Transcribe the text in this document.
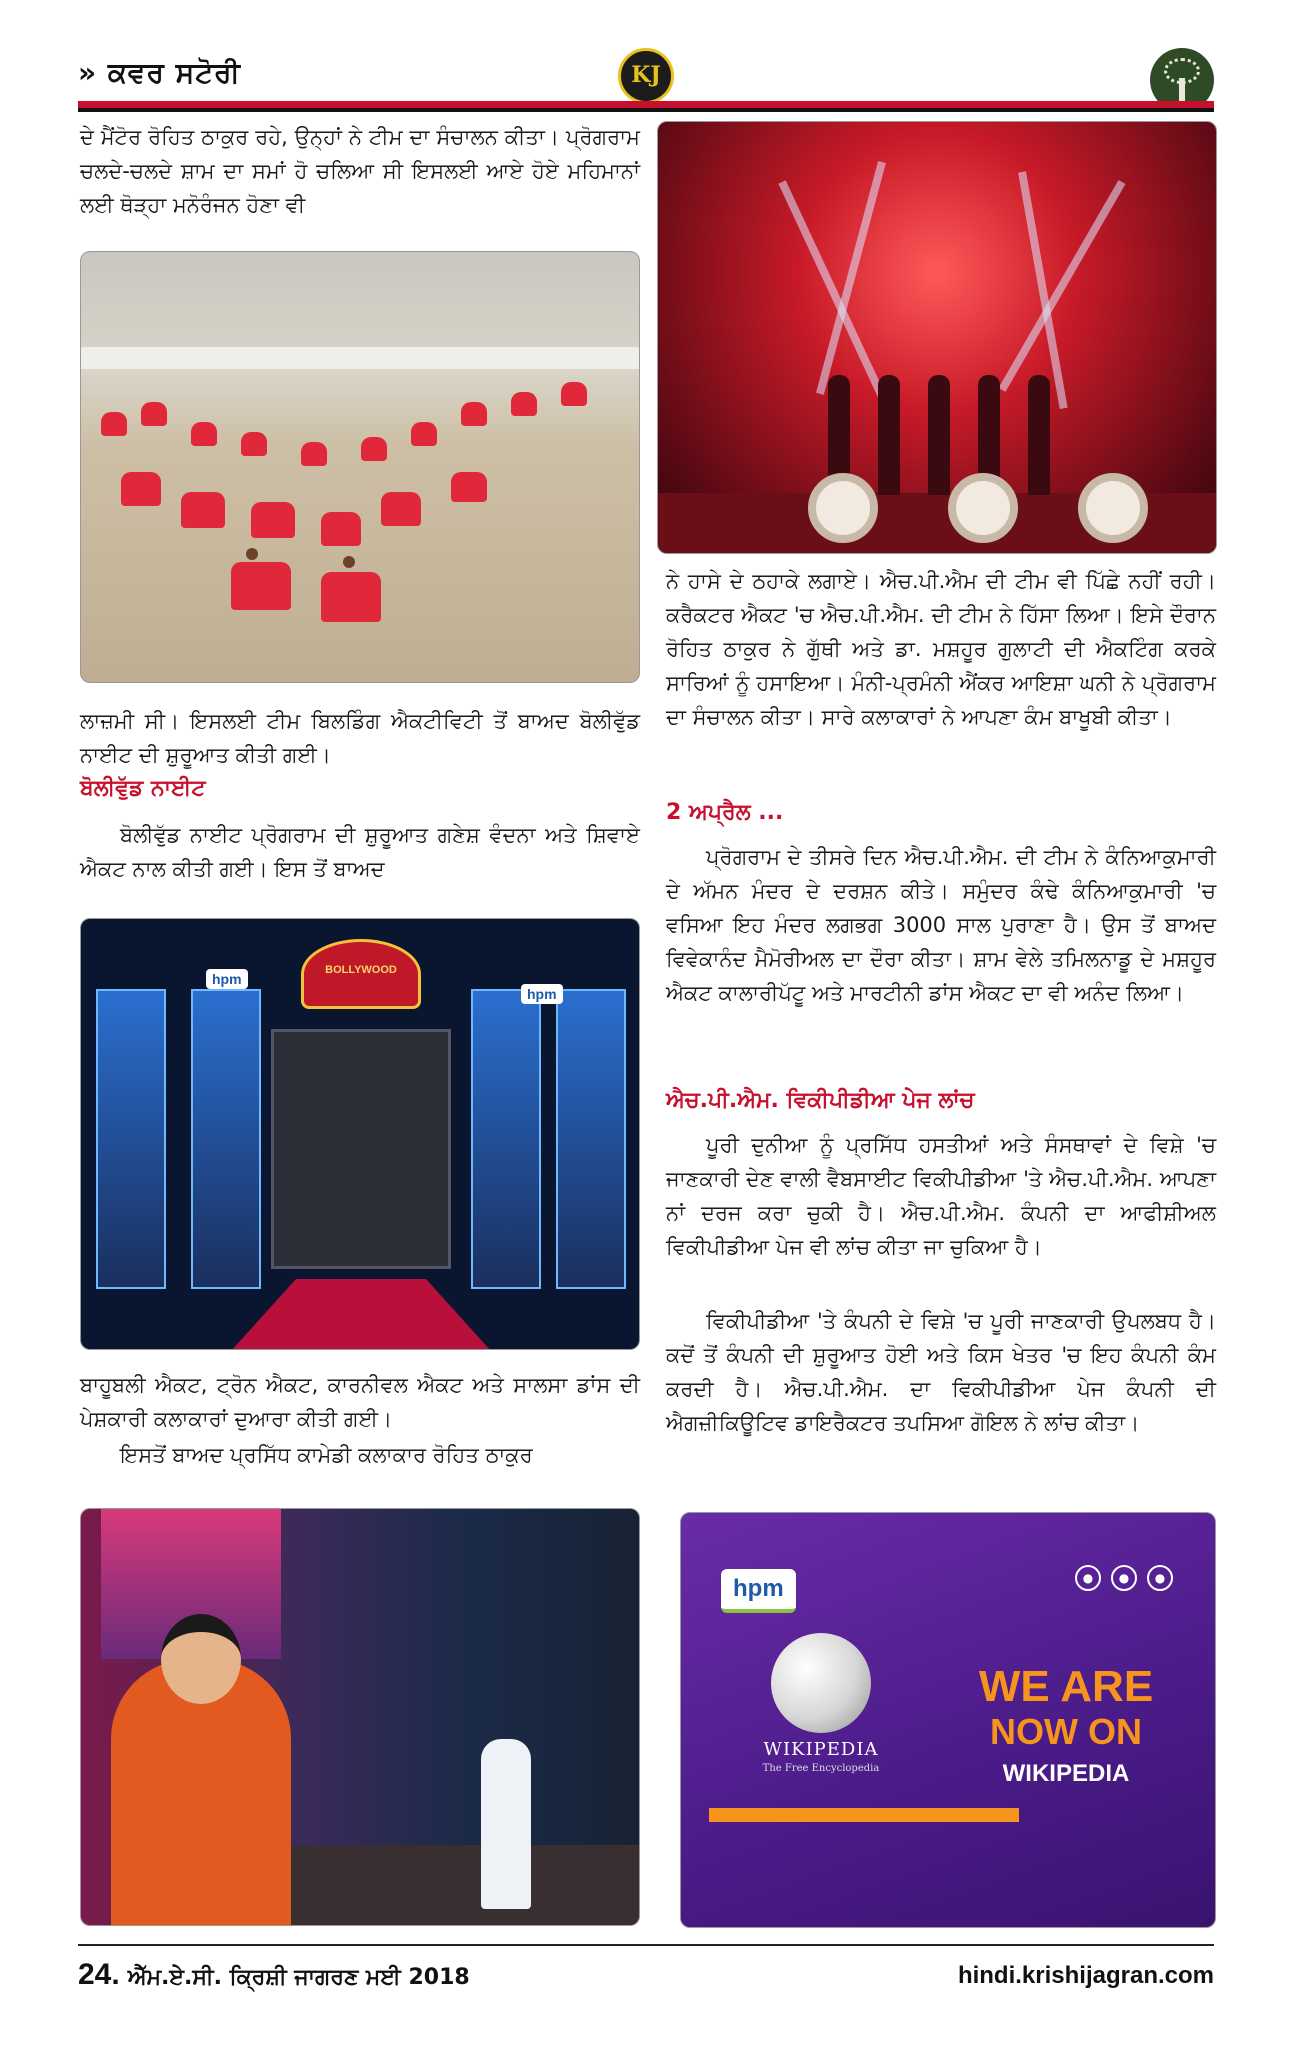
» ਕਵਰ ਸਟੋਰੀ	KJ

ਦੇ ਮੈਂਟੋਰ ਰੋਹਿਤ ਠਾਕੁਰ ਰਹੇ, ਉਨ੍ਹਾਂ ਨੇ ਟੀਮ ਦਾ ਸੰਚਾਲਨ ਕੀਤਾ। ਪ੍ਰੋਗਰਾਮ ਚਲਦੇ-ਚਲਦੇ ਸ਼ਾਮ ਦਾ ਸਮਾਂ ਹੋ ਚਲਿਆ ਸੀ ਇਸਲਈ ਆਏ ਹੋਏ ਮਹਿਮਾਨਾਂ ਲਈ ਥੋੜ੍ਹਾ ਮਨੋਰੰਜਨ ਹੋਣਾ ਵੀ

ਲਾਜ਼ਮੀ ਸੀ। ਇਸਲਈ ਟੀਮ ਬਿਲਡਿੰਗ ਐਕਟੀਵਿਟੀ ਤੋਂ ਬਾਅਦ ਬੋਲੀਵੁੱਡ ਨਾਈਟ ਦੀ ਸ਼ੁਰੂਆਤ ਕੀਤੀ ਗਈ।

ਬੋਲੀਵੁੱਡ ਨਾਈਟ

ਬੋਲੀਵੁੱਡ ਨਾਈਟ ਪ੍ਰੋਗਰਾਮ ਦੀ ਸ਼ੁਰੂਆਤ ਗਣੇਸ਼ ਵੰਦਨਾ ਅਤੇ ਸ਼ਿਵਾਏ ਐਕਟ ਨਾਲ ਕੀਤੀ ਗਈ। ਇਸ ਤੋਂ ਬਾਅਦ

BOLLYWOOD
hpm
hpm

ਬਾਹੂਬਲੀ ਐਕਟ, ਟ੍ਰੋਨ ਐਕਟ, ਕਾਰਨੀਵਲ ਐਕਟ ਅਤੇ ਸਾਲਸਾ ਡਾਂਸ ਦੀ ਪੇਸ਼ਕਾਰੀ ਕਲਾਕਾਰਾਂ ਦੁਆਰਾ ਕੀਤੀ ਗਈ।

ਇਸਤੋਂ ਬਾਅਦ ਪ੍ਰਸਿੱਧ ਕਾਮੇਡੀ ਕਲਾਕਾਰ ਰੋਹਿਤ ਠਾਕੁਰ

ਨੇ ਹਾਸੇ ਦੇ ਠਹਾਕੇ ਲਗਾਏ। ਐਚ.ਪੀ.ਐਮ ਦੀ ਟੀਮ ਵੀ ਪਿੱਛੇ ਨਹੀਂ ਰਹੀ। ਕਰੈਕਟਰ ਐਕਟ 'ਚ ਐਚ.ਪੀ.ਐਮ. ਦੀ ਟੀਮ ਨੇ ਹਿੱਸਾ ਲਿਆ। ਇਸੇ ਦੌਰਾਨ ਰੋਹਿਤ ਠਾਕੁਰ ਨੇ ਗੁੱਥੀ ਅਤੇ ਡਾ. ਮਸ਼ਹੂਰ ਗੁਲਾਟੀ ਦੀ ਐਕਟਿੰਗ ਕਰਕੇ ਸਾਰਿਆਂ ਨੂੰ ਹਸਾਇਆ। ਮੰਨੀ-ਪ੍ਰਮੰਨੀ ਐਂਕਰ ਆਇਸ਼ਾ ਘਨੀ ਨੇ ਪ੍ਰੋਗਰਾਮ ਦਾ ਸੰਚਾਲਨ ਕੀਤਾ। ਸਾਰੇ ਕਲਾਕਾਰਾਂ ਨੇ ਆਪਣਾ ਕੰਮ ਬਾਖੂਬੀ ਕੀਤਾ।

2 ਅਪ੍ਰੈਲ ...

ਪ੍ਰੋਗਰਾਮ ਦੇ ਤੀਸਰੇ ਦਿਨ ਐਚ.ਪੀ.ਐਮ. ਦੀ ਟੀਮ ਨੇ ਕੰਨਿਆਕੁਮਾਰੀ ਦੇ ਅੱਮਨ ਮੰਦਰ ਦੇ ਦਰਸ਼ਨ ਕੀਤੇ। ਸਮੁੰਦਰ ਕੰਢੇ ਕੰਨਿਆਕੁਮਾਰੀ 'ਚ ਵਸਿਆ ਇਹ ਮੰਦਰ ਲਗਭਗ 3000 ਸਾਲ ਪੁਰਾਣਾ ਹੈ। ਉਸ ਤੋਂ ਬਾਅਦ ਵਿਵੇਕਾਨੰਦ ਮੈਮੋਰੀਅਲ ਦਾ ਦੌਰਾ ਕੀਤਾ। ਸ਼ਾਮ ਵੇਲੇ ਤਮਿਲਨਾਡੂ ਦੇ ਮਸ਼ਹੂਰ ਐਕਟ ਕਾਲਾਰੀਪੱਟੂ ਅਤੇ ਮਾਰਟੀਨੀ ਡਾਂਸ ਐਕਟ ਦਾ ਵੀ ਅਨੰਦ ਲਿਆ।

ਐਚ.ਪੀ.ਐਮ. ਵਿਕੀਪੀਡੀਆ ਪੇਜ ਲਾਂਚ

ਪੂਰੀ ਦੁਨੀਆ ਨੂੰ ਪ੍ਰਸਿੱਧ ਹਸਤੀਆਂ ਅਤੇ ਸੰਸਥਾਵਾਂ ਦੇ ਵਿਸ਼ੇ 'ਚ ਜਾਣਕਾਰੀ ਦੇਣ ਵਾਲੀ ਵੈਬਸਾਈਟ ਵਿਕੀਪੀਡੀਆ 'ਤੇ ਐਚ.ਪੀ.ਐਮ. ਆਪਣਾ ਨਾਂ ਦਰਜ ਕਰਾ ਚੁਕੀ ਹੈ। ਐਚ.ਪੀ.ਐਮ. ਕੰਪਨੀ ਦਾ ਆਫੀਸ਼ੀਅਲ ਵਿਕੀਪੀਡੀਆ ਪੇਜ ਵੀ ਲਾਂਚ ਕੀਤਾ ਜਾ ਚੁਕਿਆ ਹੈ।

ਵਿਕੀਪੀਡੀਆ 'ਤੇ ਕੰਪਨੀ ਦੇ ਵਿਸ਼ੇ 'ਚ ਪੂਰੀ ਜਾਣਕਾਰੀ ਉਪਲਬਧ ਹੈ। ਕਦੋਂ ਤੋਂ ਕੰਪਨੀ ਦੀ ਸ਼ੁਰੂਆਤ ਹੋਈ ਅਤੇ ਕਿਸ ਖੇਤਰ 'ਚ ਇਹ ਕੰਪਨੀ ਕੰਮ ਕਰਦੀ ਹੈ। ਐਚ.ਪੀ.ਐਮ. ਦਾ ਵਿਕੀਪੀਡੀਆ ਪੇਜ ਕੰਪਨੀ ਦੀ ਐਗਜ਼ੀਕਿਊਟਿਵ ਡਾਇਰੈਕਟਰ ਤਪਸਿਆ ਗੋਇਲ ਨੇ ਲਾਂਚ ਕੀਤਾ।

hpm	●	●	●
WIKIPEDIA
The Free Encyclopedia
WE ARE
NOW ON
WIKIPEDIA
24. ਐੱਮ.ਏ.ਸੀ. ਕ੍ਰਿਸ਼ੀ ਜਾਗਰਣ ਮਈ 2018	hindi.krishijagran.com
